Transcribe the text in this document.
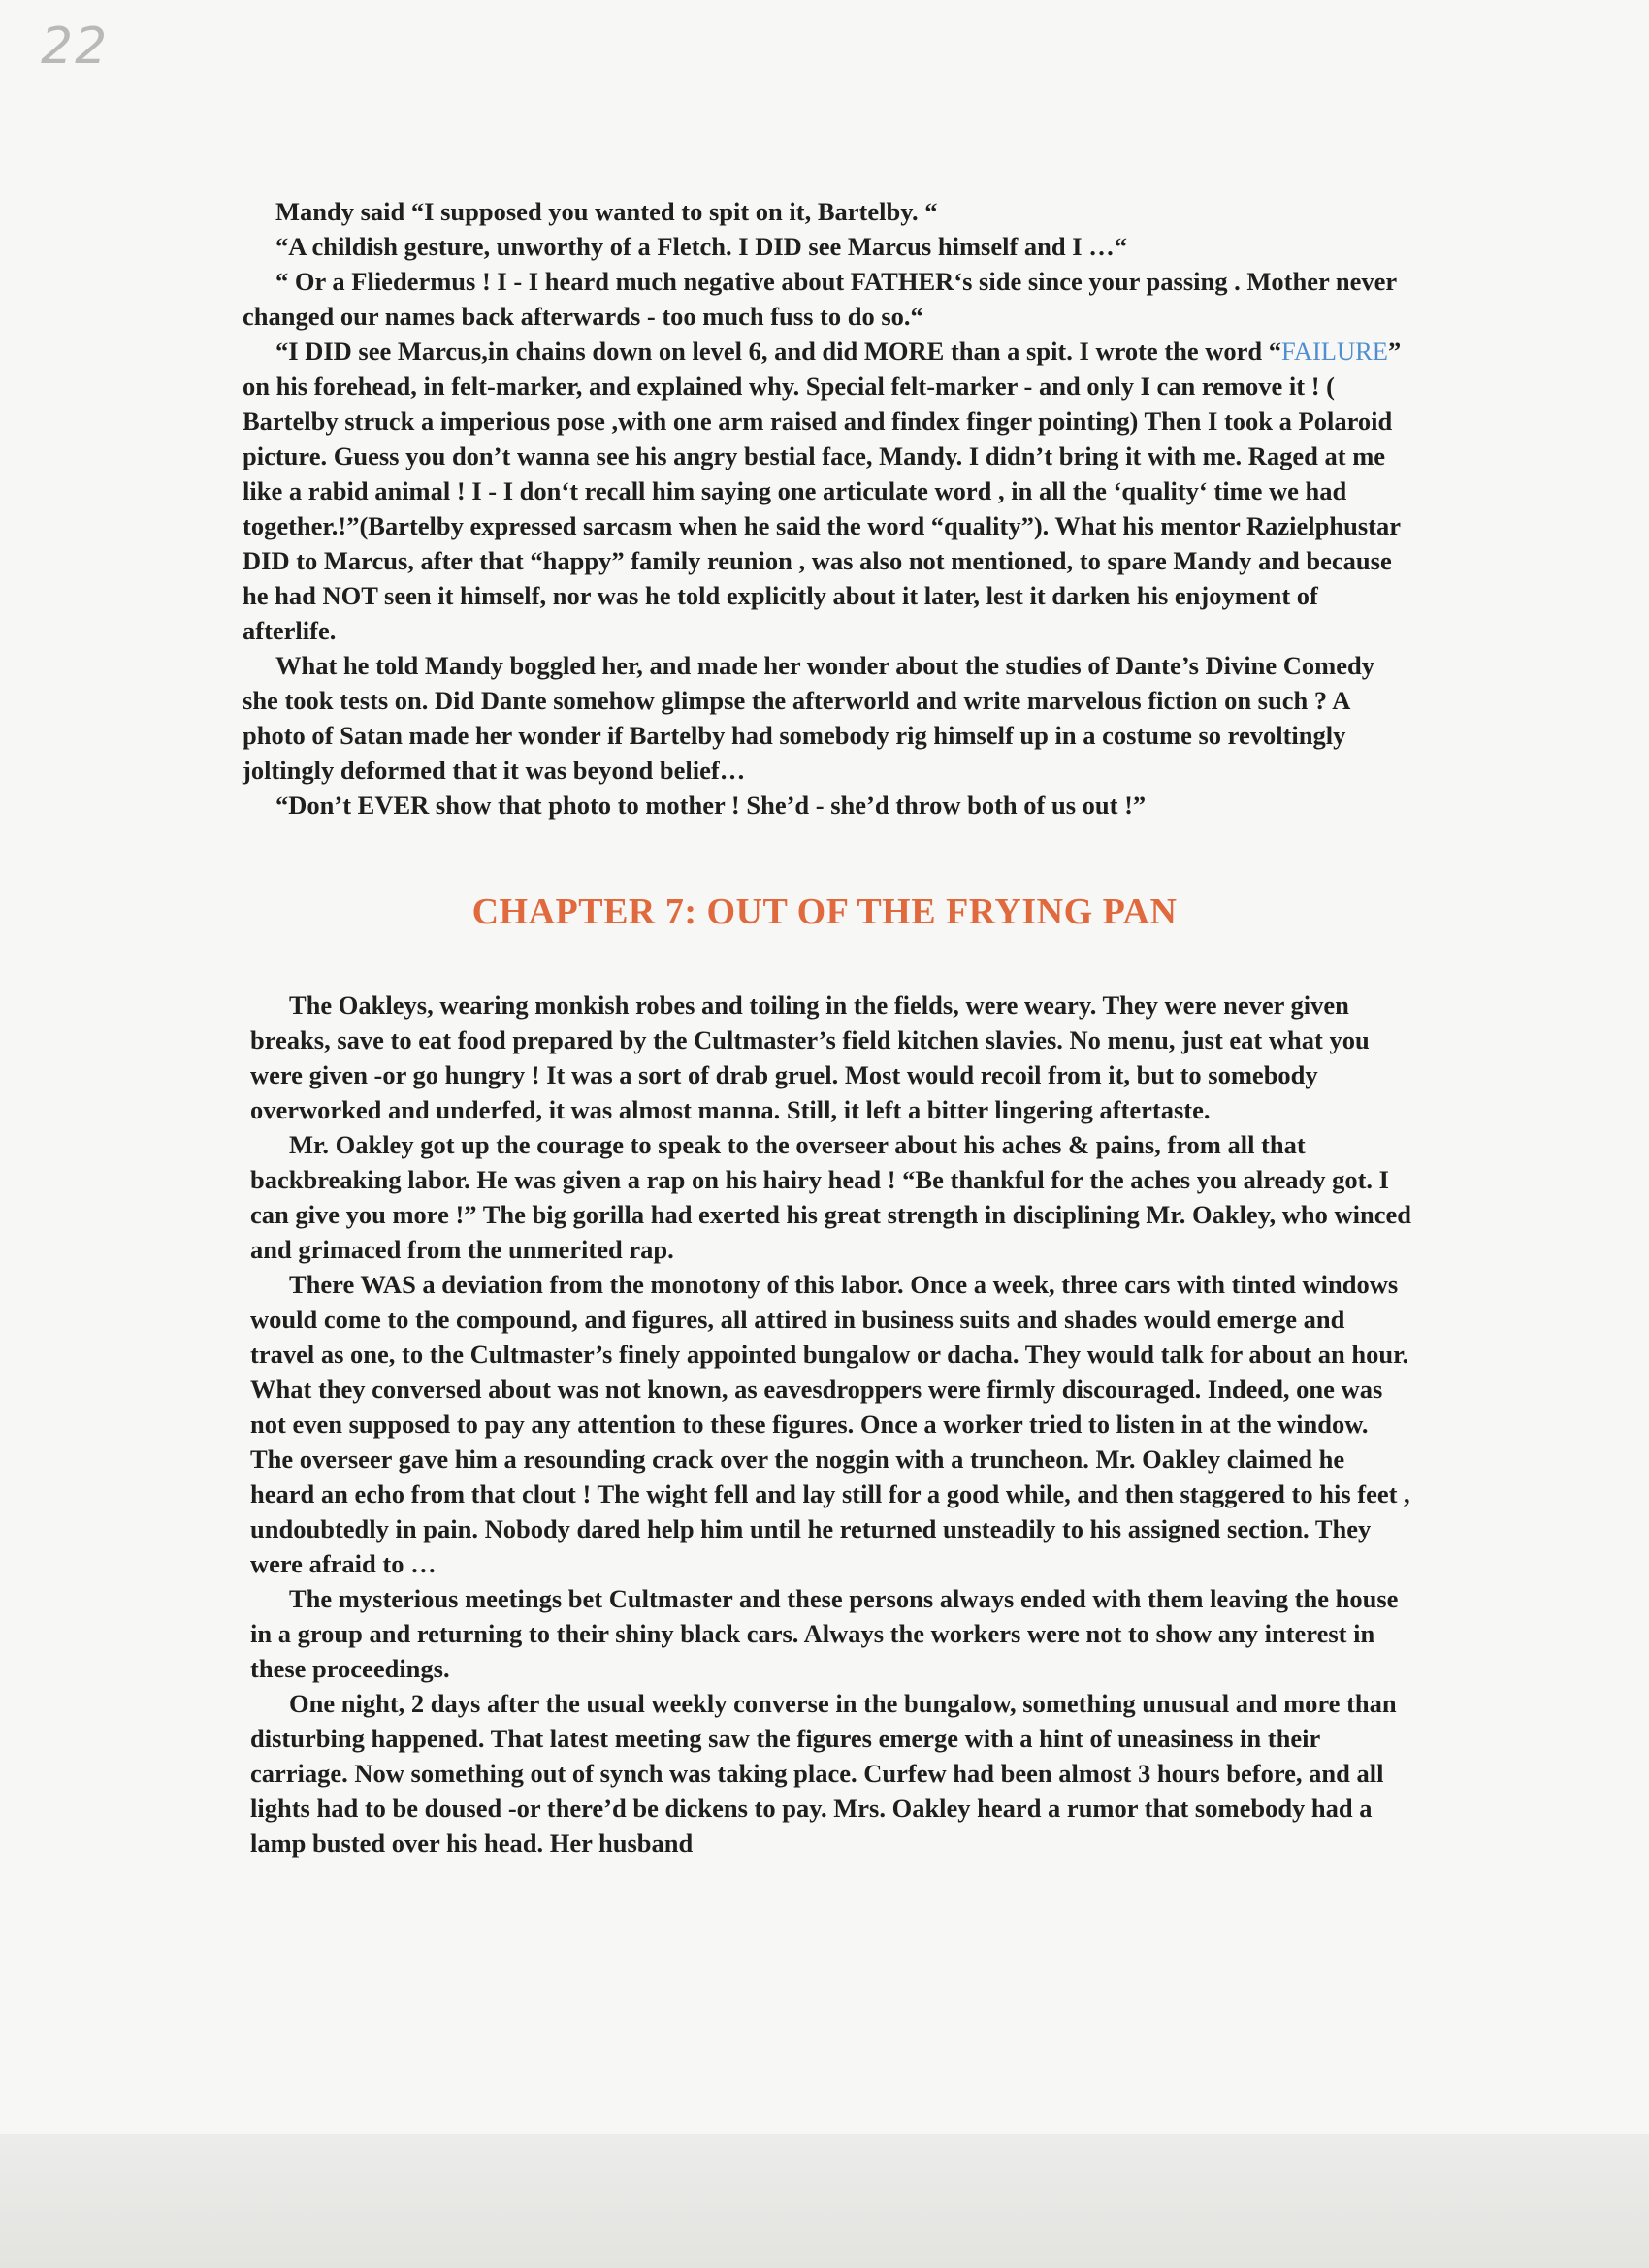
22

Mandy said “I supposed you wanted to spit on it, Bartelby. “

“A childish gesture, unworthy of a Fletch. I DID see Marcus himself and I …“

“ Or a Fliedermus ! I - I heard much negative about FATHER‘s side since your passing . Mother never changed our names back afterwards - too much fuss to do so.“

“I DID see Marcus,in chains down on level 6, and did MORE than a spit. I wrote the word “FAILURE” on his forehead, in felt-marker, and explained why. Special felt-marker - and only I can remove it ! ( Bartelby struck a imperious pose ,with one arm raised and findex finger pointing) Then I took a Polaroid picture. Guess you don’t wanna see his angry bestial face, Mandy. I didn’t bring it with me. Raged at me like a rabid animal ! I - I don‘t recall him saying one articulate word , in all the ‘quality‘ time we had together.!”(Bartelby expressed sarcasm when he said the word “quality”). What his mentor Razielphustar DID to Marcus, after that “happy” family reunion , was also not mentioned, to spare Mandy and because he had NOT seen it himself, nor was he told explicitly about it later, lest it darken his enjoyment of afterlife.

What he told Mandy boggled her, and made her wonder about the studies of Dante’s Divine Comedy she took tests on. Did Dante somehow glimpse the afterworld and write marvelous fiction on such ? A photo of Satan made her wonder if Bartelby had somebody rig himself up in a costume so revoltingly joltingly deformed that it was beyond belief…

“Don’t EVER show that photo to mother ! She’d - she’d throw both of us out !”

CHAPTER 7: OUT OF THE FRYING PAN

The Oakleys, wearing monkish robes and toiling in the fields, were weary. They were never given breaks, save to eat food prepared by the Cultmaster’s field kitchen slavies. No menu, just eat what you were given -or go hungry ! It was a sort of drab gruel. Most would recoil from it, but to somebody overworked and underfed, it was almost manna. Still, it left a bitter lingering aftertaste.

Mr. Oakley got up the courage to speak to the overseer about his aches & pains, from all that backbreaking labor. He was given a rap on his hairy head ! “Be thankful for the aches you already got. I can give you more !” The big gorilla had exerted his great strength in disciplining Mr. Oakley, who winced and grimaced from the unmerited rap.

There WAS a deviation from the monotony of this labor. Once a week, three cars with tinted windows would come to the compound, and figures, all attired in business suits and shades would emerge and travel as one, to the Cultmaster’s finely appointed bungalow or dacha. They would talk for about an hour. What they conversed about was not known, as eavesdroppers were firmly discouraged. Indeed, one was not even supposed to pay any attention to these figures. Once a worker tried to listen in at the window. The overseer gave him a resounding crack over the noggin with a truncheon. Mr. Oakley claimed he heard an echo from that clout ! The wight fell and lay still for a good while, and then staggered to his feet , undoubtedly in pain. Nobody dared help him until he returned unsteadily to his assigned section. They were afraid to …

The mysterious meetings bet Cultmaster and these persons always ended with them leaving the house in a group and returning to their shiny black cars. Always the workers were not to show any interest in these proceedings.

One night, 2 days after the usual weekly converse in the bungalow, something unusual and more than disturbing happened. That latest meeting saw the figures emerge with a hint of uneasiness in their carriage. Now something out of synch was taking place. Curfew had been almost 3 hours before, and all lights had to be doused -or there’d be dickens to pay. Mrs. Oakley heard a rumor that somebody had a lamp busted over his head. Her husband
